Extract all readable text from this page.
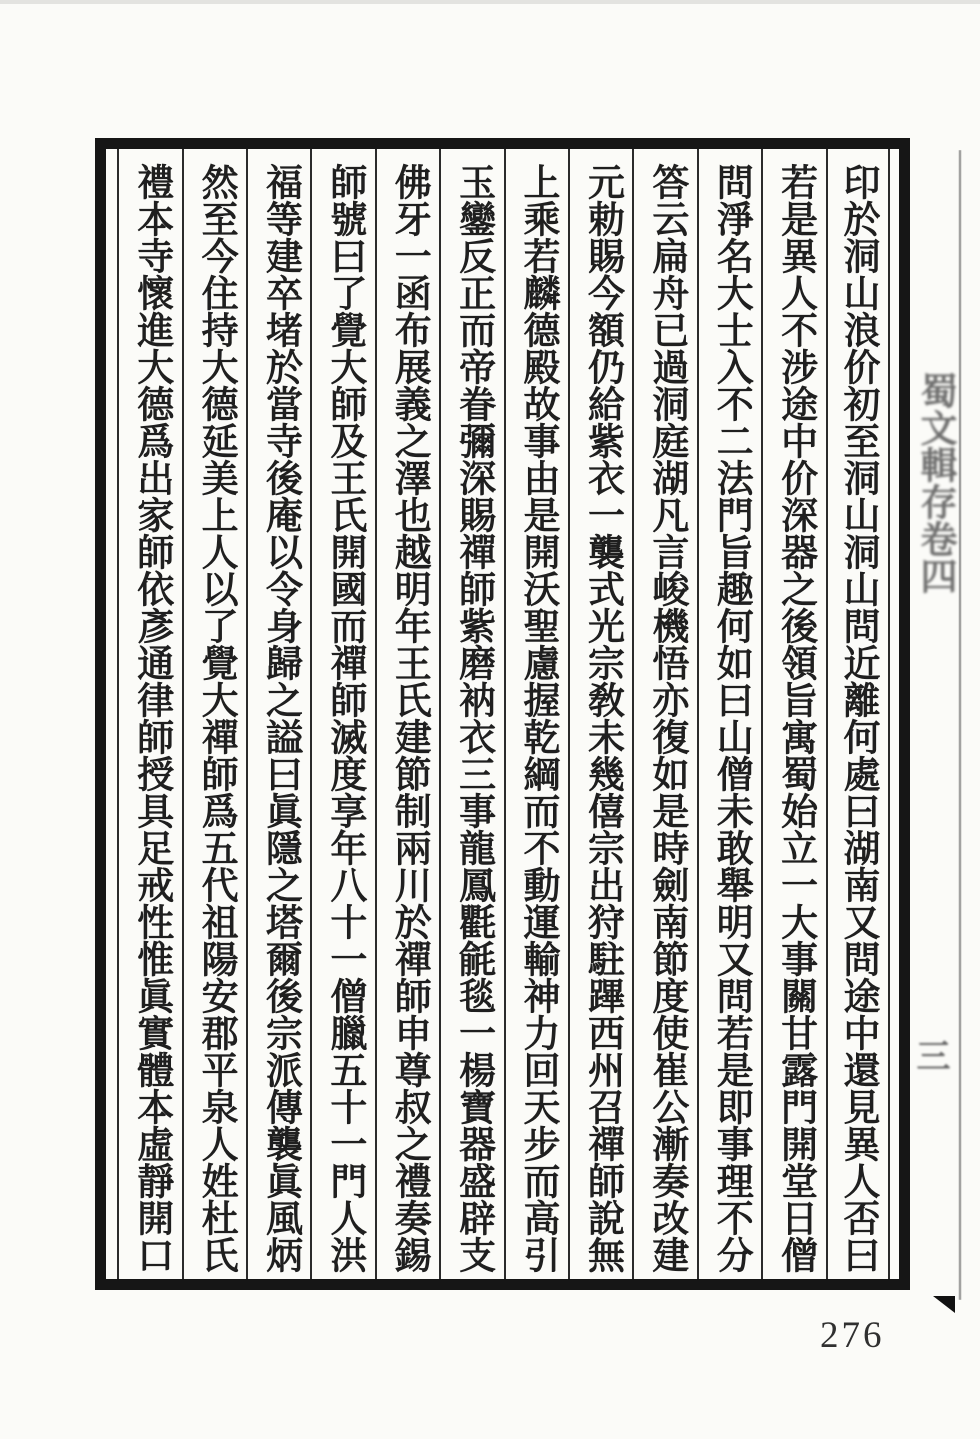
印於洞山浪价初至洞山洞山問近離何處曰湖南又問途中還見異人否曰
若是異人不涉途中价深器之後領旨寓蜀始立一大事關甘露門開堂日僧
問淨名大士入不二法門旨趣何如曰山僧未敢舉明又問若是即事理不分
答云扁舟已過洞庭湖凡言峻機悟亦復如是時劍南節度使崔公漸奏改建
元勅賜今額仍給紫衣一襲式光宗敎未幾僖宗出狩駐蹕西州召禪師說無
上乘若麟德殿故事由是開沃聖慮握乾綱而不動運輸神力回天步而高引
玉鑾反正而帝眷彌深賜禪師紫磨衲衣三事龍鳳氍毹毯一楊寶器盛辟支
佛牙一函布展義之澤也越明年王氏建節制兩川於禪師申尊叔之禮奏錫
師號曰了覺大師及王氏開國而禪師滅度享年八十一僧臘五十一門人洪
福等建卒堵於當寺後庵以令身歸之謚曰眞隱之塔爾後宗派傳襲眞風炳
然至今住持大德延美上人以了覺大禪師爲五代祖陽安郡平泉人姓杜氏
禮本寺懷進大德爲出家師依彥通律師授具足戒性惟眞實體本虛靜開口	蜀文輯存卷四
三
276
